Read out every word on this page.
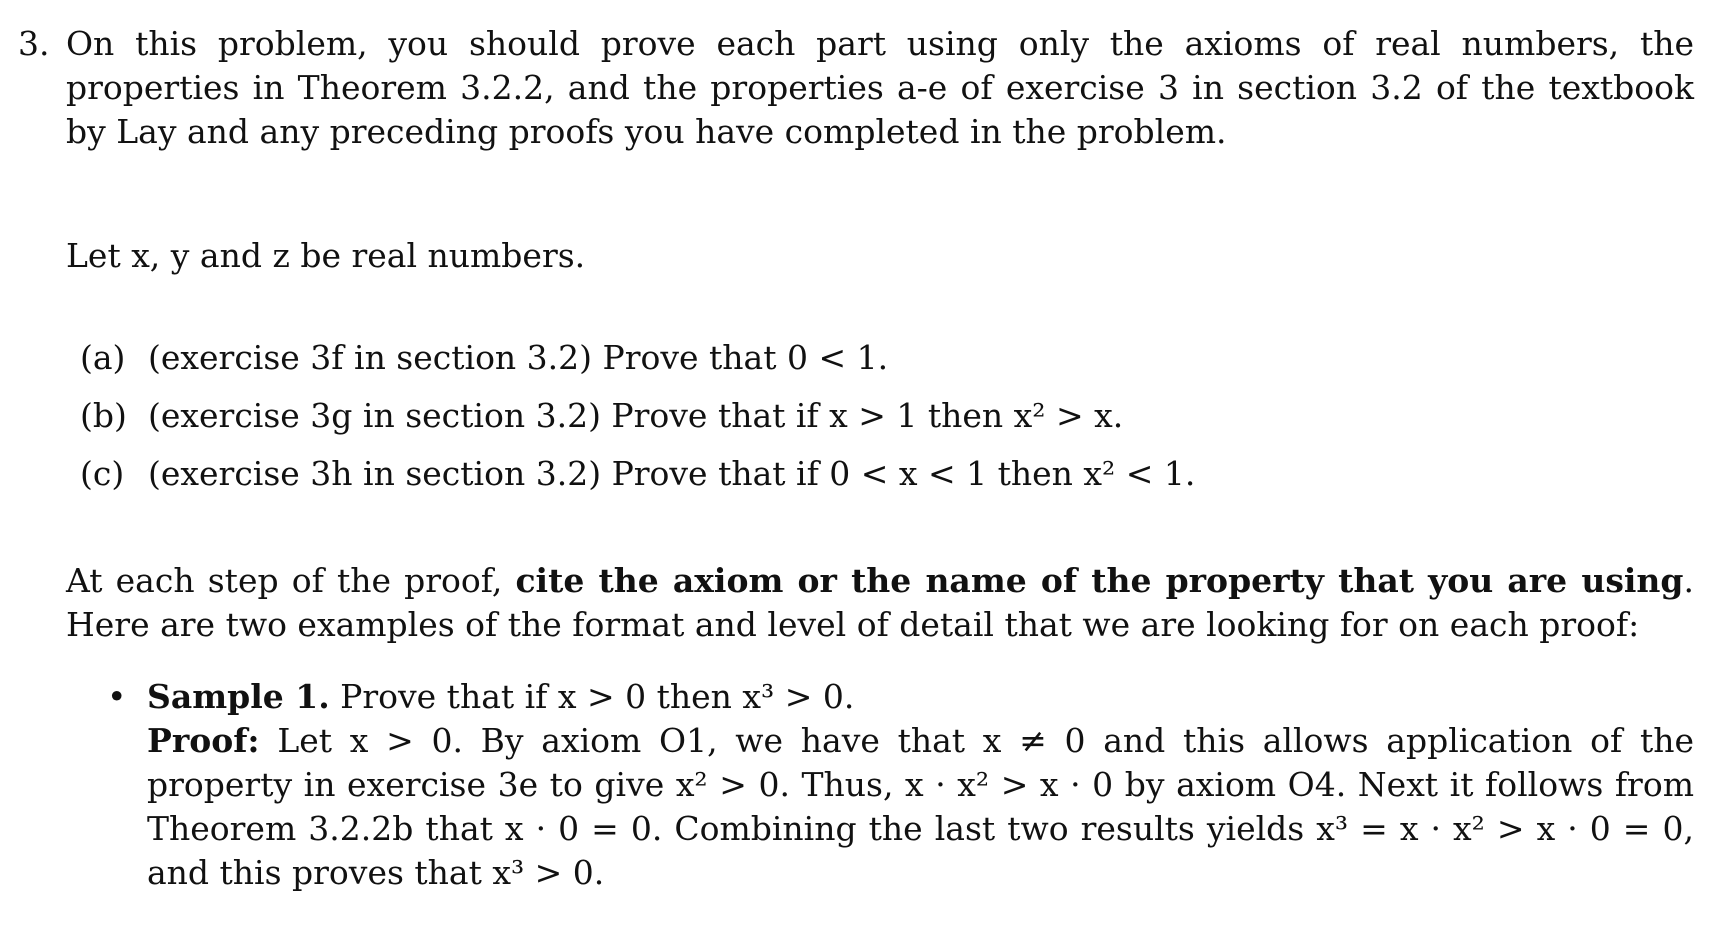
3. On this problem, you should prove each part using only the axioms of real numbers, the properties in Theorem 3.2.2, and the properties a-e of exercise 3 in section 3.2 of the textbook by Lay and any preceding proofs you have completed in the problem.
Let x, y and z be real numbers.
(a) (exercise 3f in section 3.2) Prove that 0 < 1.
(b) (exercise 3g in section 3.2) Prove that if x > 1 then x² > x.
(c) (exercise 3h in section 3.2) Prove that if 0 < x < 1 then x² < 1.
At each step of the proof, cite the axiom or the name of the property that you are using. Here are two examples of the format and level of detail that we are looking for on each proof:
• Sample 1. Prove that if x > 0 then x³ > 0.
Proof: Let x > 0. By axiom O1, we have that x ≠ 0 and this allows application of the property in exercise 3e to give x² > 0. Thus, x · x² > x · 0 by axiom O4. Next it follows from Theorem 3.2.2b that x · 0 = 0. Combining the last two results yields x³ = x · x² > x · 0 = 0, and this proves that x³ > 0.
